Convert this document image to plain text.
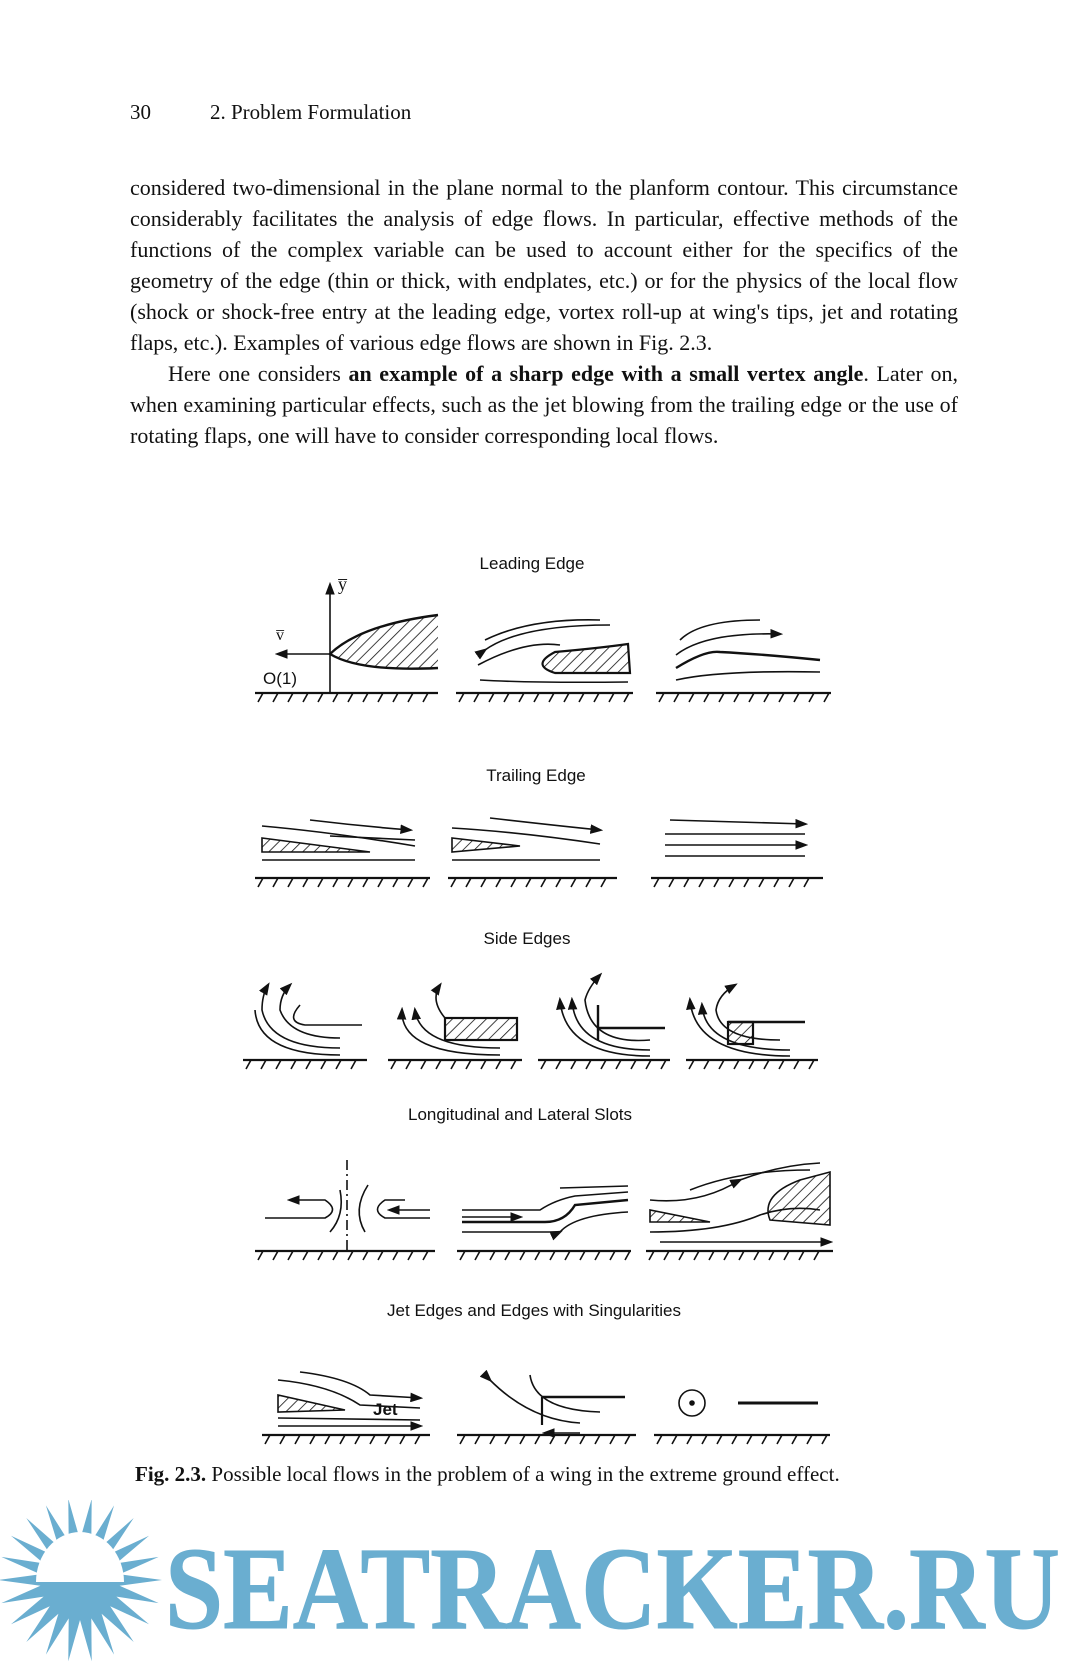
30	2. Problem Formulation

considered two-dimensional in the plane normal to the planform contour. This circumstance considerably facilitates the analysis of edge flows. In particular, effective methods of the functions of the complex variable can be used to account either for the specifics of the geometry of the edge (thin or thick, with endplates, etc.) or for the physics of the local flow (shock or shock-free entry at the leading edge, vortex roll-up at wing's tips, jet and rotating flaps, etc.). Examples of various edge flows are shown in Fig. 2.3.

Here one considers an example of a sharp edge with a small vertex angle. Later on, when examining particular effects, such as the jet blowing from the trailing edge or the use of rotating flaps, one will have to consider corresponding local flows.

Leading Edge
Trailing Edge
Side Edges
Longitudinal and Lateral Slots
Jet Edges and Edges with Singularities
y̅
v̅
O(1)
Jet
Fig. 2.3. Possible local flows in the problem of a wing in the extreme ground effect.
SEATRACKER.RU
